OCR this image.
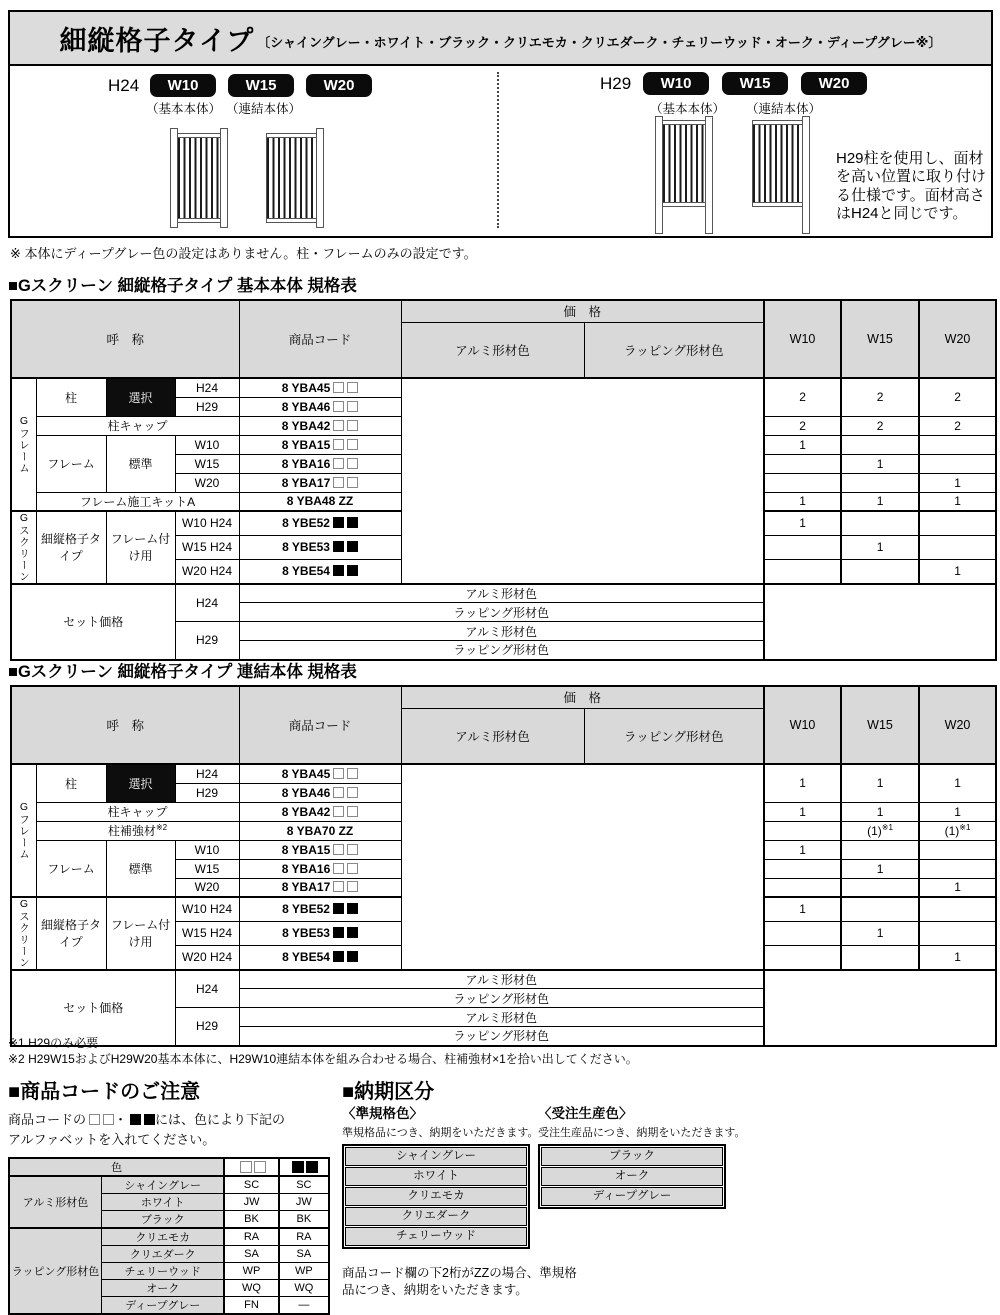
細縦格子タイプ 〔シャイングレー・ホワイト・ブラック・クリエモカ・クリエダーク・チェリーウッド・オーク・ディープグレー※〕
H24	W10	W15	W20
（基本本体） （連結本体）
H29	W10	W15	W20
（基本本体） （連結本体）
H29柱を使用し、面材を高い位置に取り付ける仕様です。面材高さはH24と同じです。
※ 本体にディープグレー色の設定はありません。柱・フレームのみの設定です。
■Gスクリーン 細縦格子タイプ 基本本体 規格表
呼　称				商品コード	価　格		W10	W15	W20
					アルミ形材色	ラッピング形材色			

Gフレーム	柱	選択	H24	8 YBA45			2	2	2
			H29	8 YBA46					
	柱キャップ			8 YBA42			2	2	2
	フレーム	標準	W10	8 YBA15			1		
			W15	8 YBA16				1	
			W20	8 YBA17					1
	フレーム施工キットA			8 YBA48 ZZ			1	1	1

Gスクリーン	細縦格子タイプ	フレーム付け用	W10 H24	8 YBE52			1		
			W15 H24	8 YBE53				1	
			W20 H24	8 YBE54					1
セット価格			H24	アルミ形材色					
				ラッピング形材色					
			H29	アルミ形材色					
				ラッピング形材色					
■Gスクリーン 細縦格子タイプ 連結本体 規格表
呼　称				商品コード	価　格		W10	W15	W20
					アルミ形材色	ラッピング形材色			

Gフレーム	柱	選択	H24	8 YBA45			1	1	1
			H29	8 YBA46					
	柱キャップ			8 YBA42			1	1	1
	柱補強材$^{※2}$			8 YBA70 ZZ				$(1)^{※1}$	$(1)^{※1}$
	フレーム	標準	W10	8 YBA15			1		
			W15	8 YBA16				1	
			W20	8 YBA17					1

Gスクリーン	細縦格子タイプ	フレーム付け用	W10 H24	8 YBE52			1		
			W15 H24	8 YBE53				1	
			W20 H24	8 YBE54					1
セット価格			H24	アルミ形材色					
				ラッピング形材色					
			H29	アルミ形材色					
				ラッピング形材色					
※1 H29のみ必要
※2 H29W15およびH29W20基本本体に、H29W10連結本体を組み合わせる場合、柱補強材×1を拾い出してください。
■商品コードのご注意

商品コードの ・ には、色により下記の
アルファベットを入れてください。

色			
アルミ形材色	シャイングレー	SC	SC
	ホワイト	JW	JW
	ブラック	BK	BK
ラッピング形材色	クリエモカ	RA	RA
	クリエダーク	SA	SA
	チェリーウッド	WP	WP
	オーク	WQ	WQ
	ディープグレー	FN	—
■納期区分
〈準規格色〉
準規格品につき、納期をいただきます。
シャイングレー
ホワイト
クリエモカ
クリエダーク
チェリーウッド
商品コード欄の下2桁がZZの場合、準規格品につき、納期をいただきます。
〈受注生産色〉
受注生産品につき、納期をいただきます。
ブラック
オーク
ディープグレー
